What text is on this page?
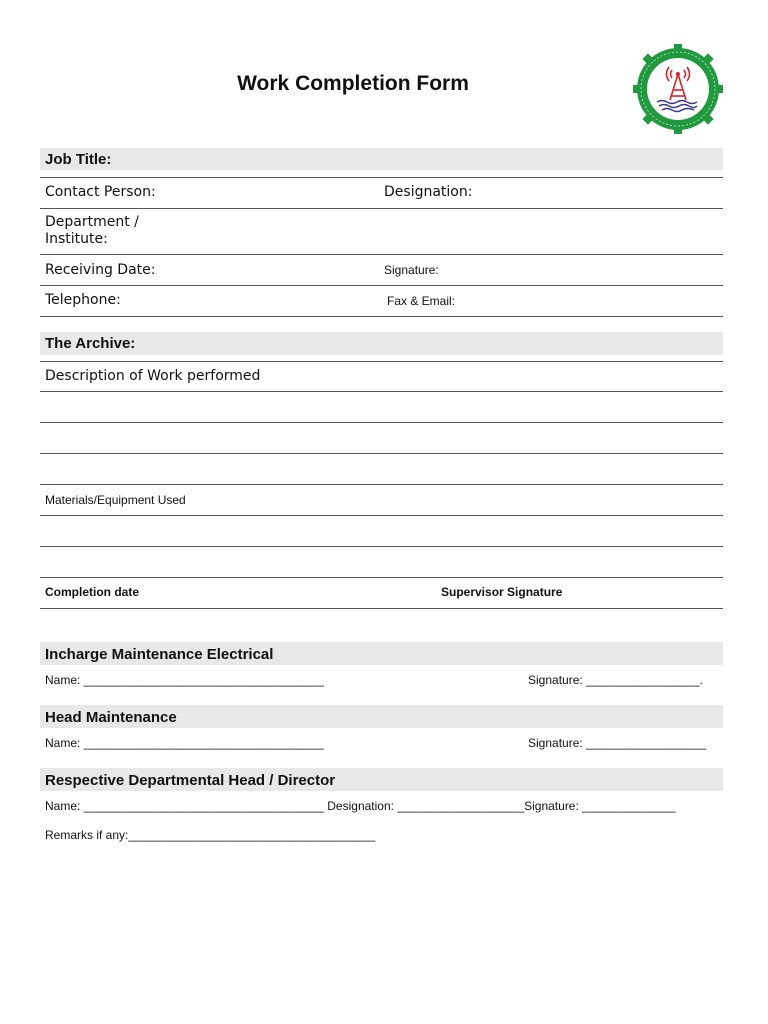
Work Completion Form
Job Title:
Contact Person:	Designation:
Department /
Institute:
Receiving Date:	Signature:
Telephone:	Fax & Email:
The Archive:
Description of Work performed
Materials/Equipment Used
Completion date	Supervisor Signature
Incharge Maintenance Electrical
Name: ____________________________________	Signature: _________________.
Head Maintenance
Name: ____________________________________	Signature: __________________
Respective Departmental Head / Director
Name: ____________________________________ Designation: ___________________Signature: ______________
Remarks if any:_____________________________________
